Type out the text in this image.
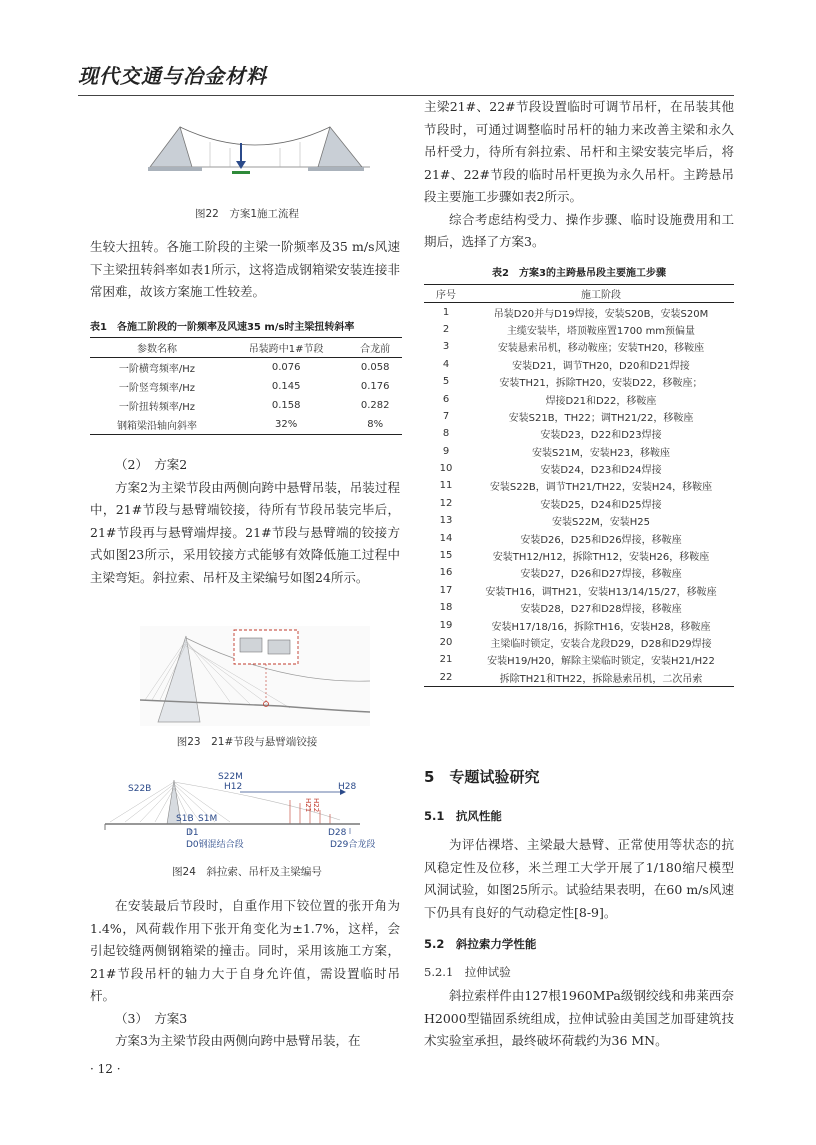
现代交通与冶金材料
图22　方案1施工流程

生较大扭转。各施工阶段的主梁一阶频率及35 m/s风速下主梁扭转斜率如表1所示，这将造成钢箱梁安装连接非常困难，故该方案施工性较差。

表1　各施工阶段的一阶频率及风速35 m/s时主梁扭转斜率
参数名称	吊装跨中1#节段	合龙前
一阶横弯频率/Hz	0.076	0.058
一阶竖弯频率/Hz	0.145	0.176
一阶扭转频率/Hz	0.158	0.282
钢箱梁沿轴向斜率	32%	8%

（2）　方案2

方案2为主梁节段由两侧向跨中悬臂吊装，吊装过程中，21#节段与悬臂端铰接，待所有节段吊装完毕后，21#节段再与悬臂端焊接。21#节段与悬臂端的铰接方式如图23所示，采用铰接方式能够有效降低施工过程中主梁弯矩。斜拉索、吊杆及主梁编号如图24所示。

图23　21#节段与悬臂端铰接
S22B
S22M
H12	H28
H21 H22
S1B S1M
D1
D0钢混结合段
D28
D29合龙段
图24　斜拉索、吊杆及主梁编号

在安装最后节段时，自重作用下铰位置的张开角为1.4%，风荷载作用下张开角变化为±1.7%，这样，会引起铰缝两侧钢箱梁的撞击。同时，采用该施工方案，21#节段吊杆的轴力大于自身允许值，需设置临时吊杆。

（3）　方案3

方案3为主梁节段由两侧向跨中悬臂吊装，在

· 12 ·

主梁21#、22#节段设置临时可调节吊杆，在吊装其他节段时，可通过调整临时吊杆的轴力来改善主梁和永久吊杆受力，待所有斜拉索、吊杆和主梁安装完毕后，将21#、22#节段的临时吊杆更换为永久吊杆。主跨悬吊段主要施工步骤如表2所示。

综合考虑结构受力、操作步骤、临时设施费用和工期后，选择了方案3。

表2　方案3的主跨悬吊段主要施工步骤
序号	施工阶段
1	吊装D20并与D19焊接，安装S20B，安装S20M
2	主缆安装毕，塔顶鞍座置1700 mm预偏量
3	安装悬索吊机，移动鞍座；安装TH20，移鞍座
4	安装D21，调节TH20，D20和D21焊接
5	安装TH21，拆除TH20，安装D22，移鞍座；
6	焊接D21和D22，移鞍座
7	安装S21B，TH22；调TH21/22，移鞍座
8	安装D23，D22和D23焊接
9	安装S21M，安装H23，移鞍座
10	安装D24，D23和D24焊接
11	安装S22B，调节TH21/TH22，安装H24，移鞍座
12	安装D25，D24和D25焊接
13	安装S22M，安装H25
14	安装D26，D25和D26焊接，移鞍座
15	安装TH12/H12，拆除TH12，安装H26，移鞍座
16	安装D27，D26和D27焊接，移鞍座
17	安装TH16，调TH21，安装H13/14/15/27，移鞍座
18	安装D28，D27和D28焊接，移鞍座
19	安装H17/18/16，拆除TH16，安装H28，移鞍座
20	主梁临时锁定，安装合龙段D29，D28和D29焊接
21	安装H19/H20，解除主梁临时锁定，安装H21/H22
22	拆除TH21和TH22，拆除悬索吊机，二次吊索
5　专题试验研究
5.1　抗风性能

为评估裸塔、主梁最大悬臂、正常使用等状态的抗风稳定性及位移，米兰理工大学开展了1/180缩尺模型风洞试验，如图25所示。试验结果表明，在60 m/s风速下仍具有良好的气动稳定性[8-9]。

5.2　斜拉索力学性能
5.2.1　拉伸试验

斜拉索样件由127根1960MPa级钢绞线和弗莱西奈H2000型锚固系统组成，拉伸试验由美国芝加哥建筑技术实验室承担，最终破坏荷载约为36 MN。
